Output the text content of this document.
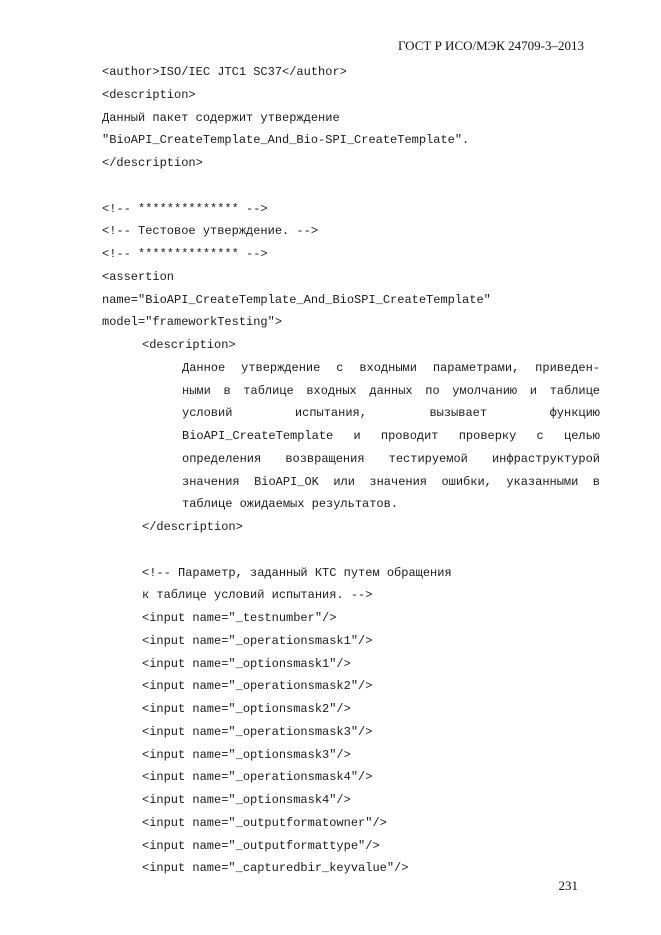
ГОСТ Р ИСО/МЭК 24709-3–2013
<author>ISO/IEC JTC1 SC37</author>
<description>
Данный пакет содержит утверждение
"BioAPI_CreateTemplate_And_Bio-SPI_CreateTemplate".
</description>
<!-- ************** -->
<!-- Тестовое утверждение. -->
<!-- ************** -->
<assertion
name="BioAPI_CreateTemplate_And_BioSPI_CreateTemplate"
model="frameworkTesting">
<description>
Данное утверждение с входными параметрами, приведен-
ными в таблице входных данных по умолчанию и таблице
условий испытания, вызывает функцию
BioAPI_CreateTemplate и проводит проверку с целью
определения возвращения тестируемой инфраструктурой
значения BioAPI_OK или значения ошибки, указанными в
таблице ожидаемых результатов.
</description>
<!-- Параметр, заданный КТС путем обращения
к таблице условий испытания. -->
<input name="_testnumber"/>
<input name="_operationsmask1"/>
<input name="_optionsmask1"/>
<input name="_operationsmask2"/>
<input name="_optionsmask2"/>
<input name="_operationsmask3"/>
<input name="_optionsmask3"/>
<input name="_operationsmask4"/>
<input name="_optionsmask4"/>
<input name="_outputformatowner"/>
<input name="_outputformattype"/>
<input name="_capturedbir_keyvalue"/>
231
